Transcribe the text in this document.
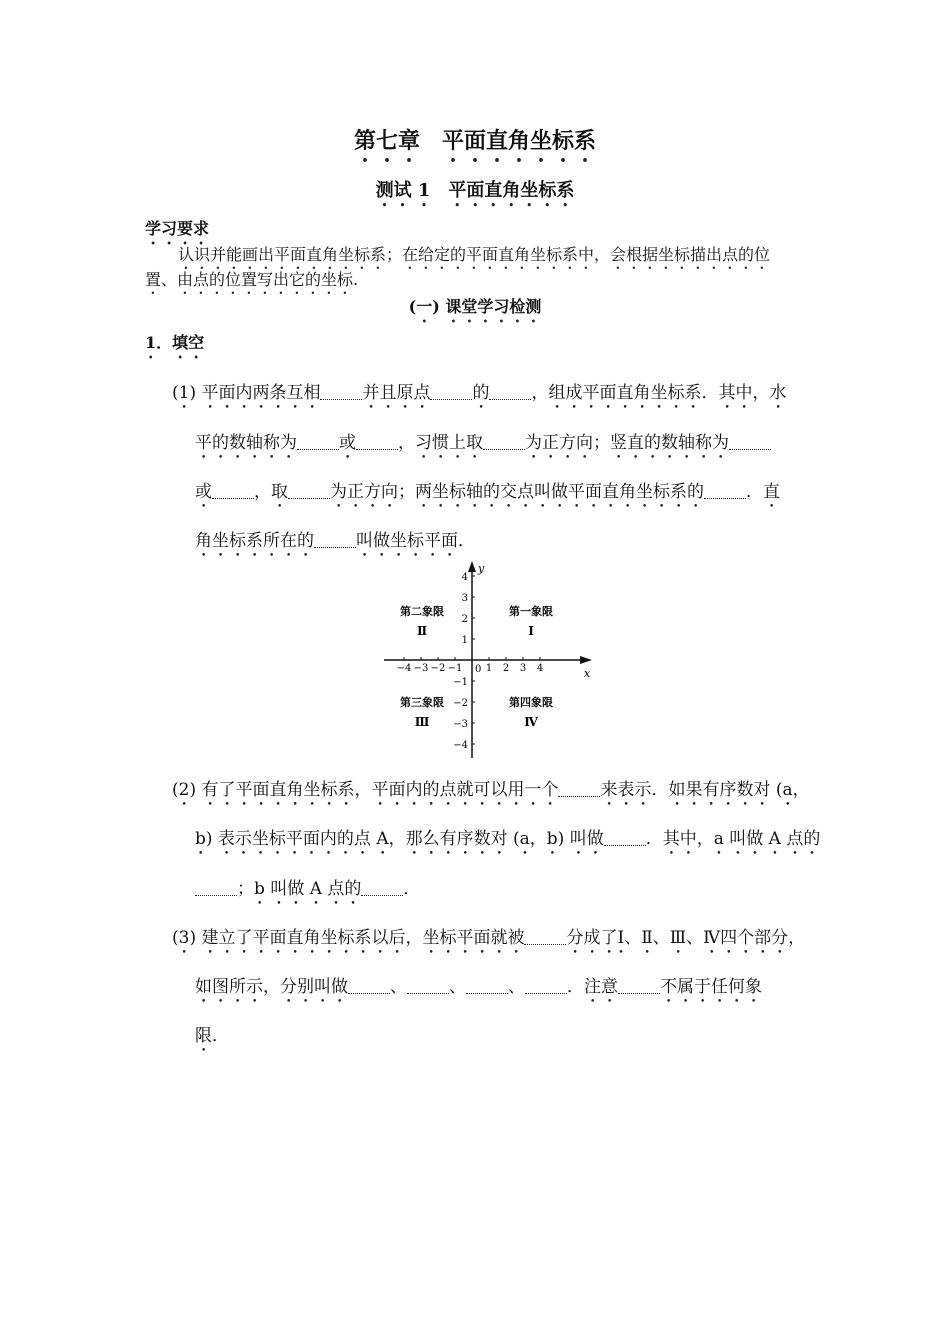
第七章　平面直角坐标系
测试 1　平面直角坐标系
学习要求
认识并能画出平面直角坐标系；在给定的平面直角坐标系中，会根据坐标描出点的位
置、由点的位置写出它的坐标.
(一) 课堂学习检测
1．填空
(1) 平面内两条互相 并且原点 的 ，组成平面直角坐标系．其中，水
平的数轴称为 或 ，习惯上取 为正方向；竖直的数轴称为
或 ，取 为正方向；两坐标轴的交点叫做平面直角坐标系的 ．直
角坐标系所在的 叫做坐标平面．
(2) 有了平面直角坐标系，平面内的点就可以用一个 来表示．如果有序数对 (a，
b) 表示坐标平面内的点 A，那么有序数对 (a，b) 叫做 ．其中，a 叫做 A 点的
；b 叫做 A 点的 ．
(3) 建立了平面直角坐标系以后，坐标平面就被 分成了Ⅰ、Ⅱ、Ⅲ、Ⅳ四个部分，
如图所示，分别叫做 、 、 、 ．注意 不属于任何象
限．
x
y
0
−4 −3 −2 −1 1 2 3 4
4
3
2
1
−1
−2
−3
−4
第一象限
Ⅰ
第二象限
Ⅱ
第三象限
Ⅲ
第四象限
Ⅳ
